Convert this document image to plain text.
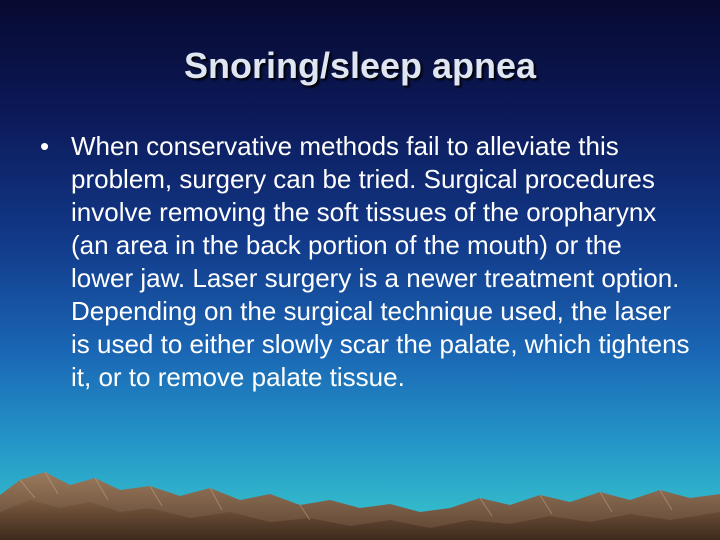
Snoring/sleep apnea
• When conservative methods fail to alleviate this problem, surgery can be tried. Surgical procedures involve removing the soft tissues of the oropharynx (an area in the back portion of the mouth) or the lower jaw. Laser surgery is a newer treatment option. Depending on the surgical technique used, the laser is used to either slowly scar the palate, which tightens it, or to remove palate tissue.
